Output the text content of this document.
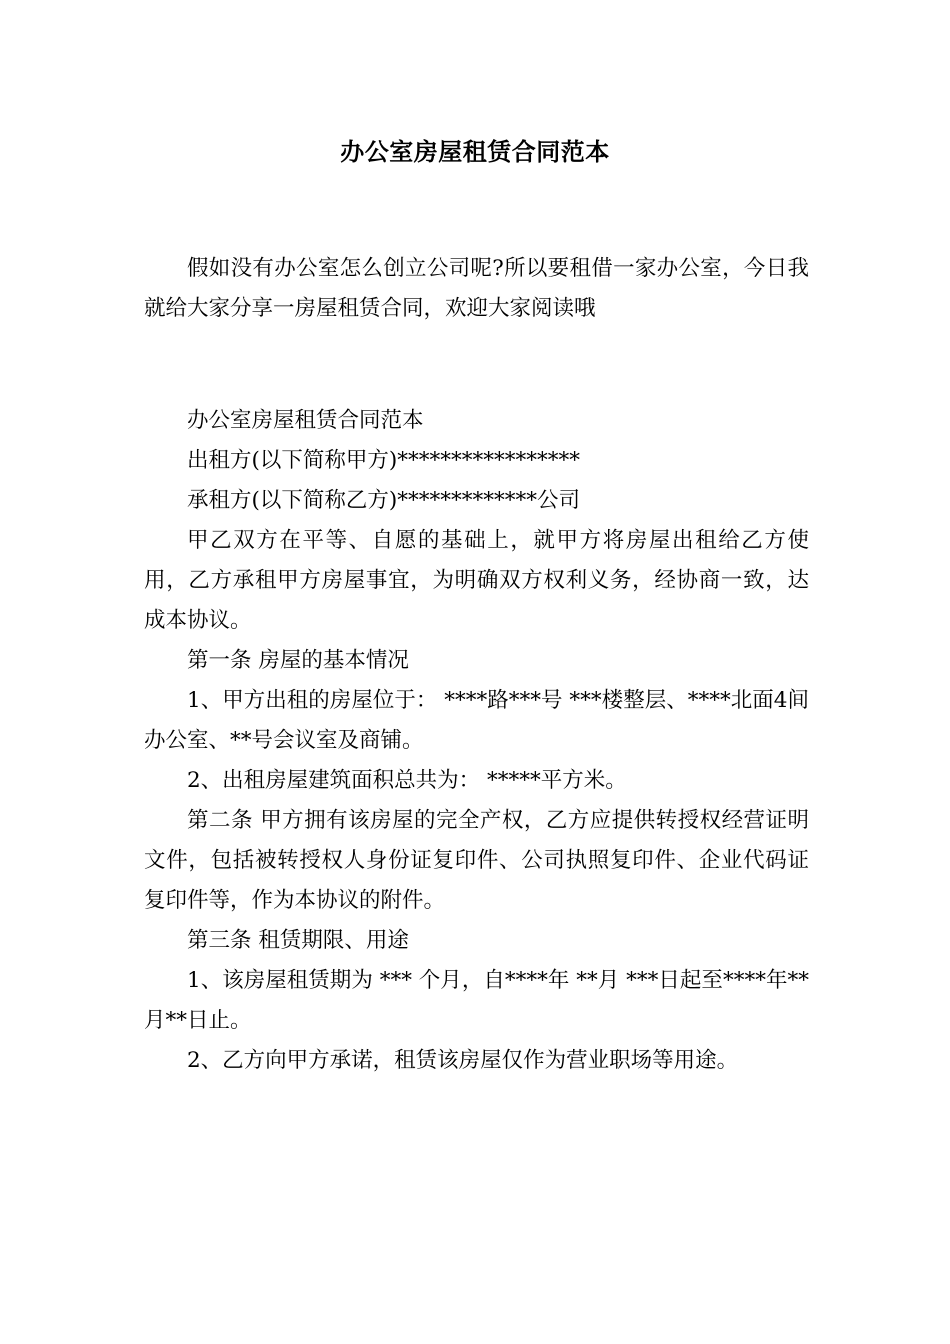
办公室房屋租赁合同范本

假如没有办公室怎么创立公司呢?所以要租借一家办公室，今日我就给大家分享一房屋租赁合同，欢迎大家阅读哦

办公室房屋租赁合同范本

出租方(以下简称甲方)*****************

承租方(以下简称乙方)*************公司

甲乙双方在平等、自愿的基础上，就甲方将房屋出租给乙方使用，乙方承租甲方房屋事宜，为明确双方权利义务，经协商一致，达成本协议。

第一条 房屋的基本情况

1、甲方出租的房屋位于： ****路***号 ***楼整层、****北面4间办公室、**号会议室及商铺。

2、出租房屋建筑面积总共为： *****平方米。

第二条 甲方拥有该房屋的完全产权，乙方应提供转授权经营证明文件，包括被转授权人身份证复印件、公司执照复印件、企业代码证复印件等，作为本协议的附件。

第三条 租赁期限、用途

1、该房屋租赁期为 *** 个月，自****年 **月 ***日起至****年**月**日止。

2、乙方向甲方承诺，租赁该房屋仅作为营业职场等用途。
